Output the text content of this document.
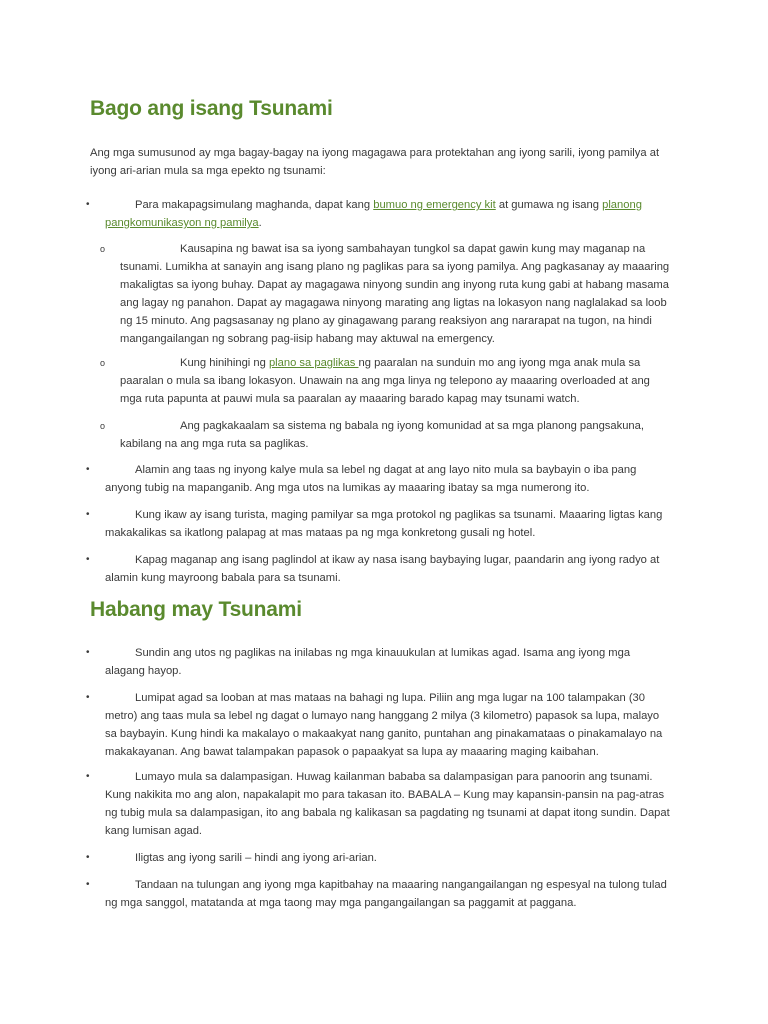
Bago ang isang Tsunami

Ang mga sumusunod ay mga bagay-bagay na iyong magagawa para protektahan ang iyong sarili, iyong pamilya at iyong ari-arian mula sa mga epekto ng tsunami:

•	Para makapagsimulang maghanda, dapat kang bumuo ng emergency kit at gumawa ng isang planong pangkomunikasyon ng pamilya.
o	Kausapina ng bawat isa sa iyong sambahayan tungkol sa dapat gawin kung may maganap na tsunami. Lumikha at sanayin ang isang plano ng paglikas para sa iyong pamilya. Ang pagkasanay ay maaaring makaligtas sa iyong buhay. Dapat ay magagawa ninyong sundin ang inyong ruta kung gabi at habang masama ang lagay ng panahon. Dapat ay magagawa ninyong marating ang ligtas na lokasyon nang naglalakad sa loob ng 15 minuto. Ang pagsasanay ng plano ay ginagawang parang reaksiyon ang nararapat na tugon, na hindi mangangailangan ng sobrang pag-iisip habang may aktuwal na emergency.
o	Kung hinihingi ng plano sa paglikas ng paaralan na sunduin mo ang iyong mga anak mula sa paaralan o mula sa ibang lokasyon. Unawain na ang mga linya ng telepono ay maaaring overloaded at ang mga ruta papunta at pauwi mula sa paaralan ay maaaring barado kapag may tsunami watch.
o	Ang pagkakaalam sa sistema ng babala ng iyong komunidad at sa mga planong pangsakuna, kabilang na ang mga ruta sa paglikas.
•	Alamin ang taas ng inyong kalye mula sa lebel ng dagat at ang layo nito mula sa baybayin o iba pang anyong tubig na mapanganib. Ang mga utos na lumikas ay maaaring ibatay sa mga numerong ito.
•	Kung ikaw ay isang turista, maging pamilyar sa mga protokol ng paglikas sa tsunami. Maaaring ligtas kang makakalikas sa ikatlong palapag at mas mataas pa ng mga konkretong gusali ng hotel.
•	Kapag maganap ang isang paglindol at ikaw ay nasa isang baybaying lugar, paandarin ang iyong radyo at alamin kung mayroong babala para sa tsunami.
Habang may Tsunami
•	Sundin ang utos ng paglikas na inilabas ng mga kinauukulan at lumikas agad. Isama ang iyong mga alagang hayop.
•	Lumipat agad sa looban at mas mataas na bahagi ng lupa. Piliin ang mga lugar na 100 talampakan (30 metro) ang taas mula sa lebel ng dagat o lumayo nang hanggang 2 milya (3 kilometro) papasok sa lupa, malayo sa baybayin. Kung hindi ka makalayo o makaakyat nang ganito, puntahan ang pinakamataas o pinakamalayo na makakayanan. Ang bawat talampakan papasok o papaakyat sa lupa ay maaaring maging kaibahan.
•	Lumayo mula sa dalampasigan. Huwag kailanman bababa sa dalampasigan para panoorin ang tsunami. Kung nakikita mo ang alon, napakalapit mo para takasan ito. BABALA – Kung may kapansin-pansin na pag-atras ng tubig mula sa dalampasigan, ito ang babala ng kalikasan sa pagdating ng tsunami at dapat itong sundin. Dapat kang lumisan agad.
•	Iligtas ang iyong sarili – hindi ang iyong ari-arian.
•	Tandaan na tulungan ang iyong mga kapitbahay na maaaring nangangailangan ng espesyal na tulong tulad ng mga sanggol, matatanda at mga taong may mga pangangailangan sa paggamit at paggana.
